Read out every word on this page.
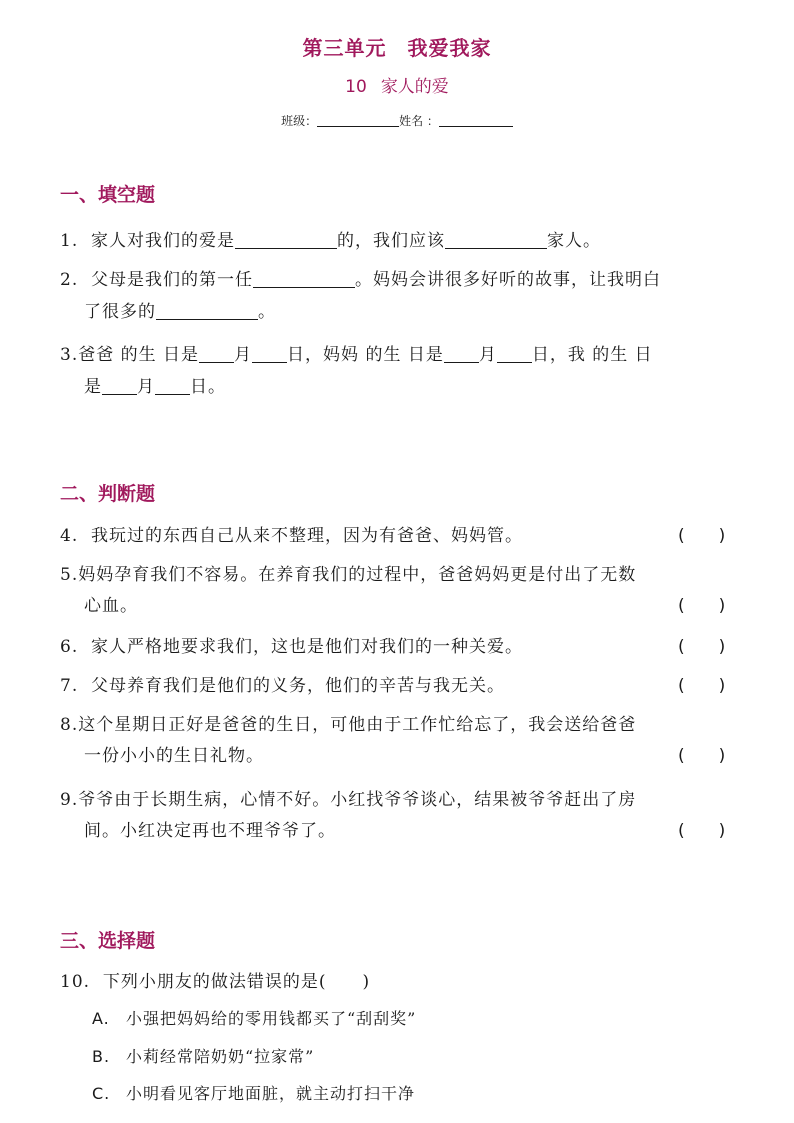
第三单元　我爱我家
10 家人的爱
班级：	姓名 ：
一、填空题
1. 家人对我们的爱是	的，我们应该	家人。
2. 父母是我们的第一任	。妈妈会讲很多好听的故事，让我明白
了很多的	。
3.爸爸 的生 日是 月 日，妈妈 的生 日是 月 日，我 的生 日
是 月 日。
二、判断题
4. 我玩过的东西自己从来不整理，因为有爸爸、妈妈管。	(　　)
5.妈妈孕育我们不容易。在养育我们的过程中，爸爸妈妈更是付出了无数
心血。	(　　)
6. 家人严格地要求我们，这也是他们对我们的一种关爱。	(　　)
7. 父母养育我们是他们的义务，他们的辛苦与我无关。	(　　)
8.这个星期日正好是爸爸的生日，可他由于工作忙给忘了，我会送给爸爸
一份小小的生日礼物。	(　　)
9.爷爷由于长期生病，心情不好。小红找爷爷谈心，结果被爷爷赶出了房
间。小红决定再也不理爷爷了。	(　　)
三、选择题
10. 下列小朋友的做法错误的是(　　)
A. 小强把妈妈给的零用钱都买了“刮刮奖”
B. 小莉经常陪奶奶“拉家常”
C. 小明看见客厅地面脏，就主动打扫干净
